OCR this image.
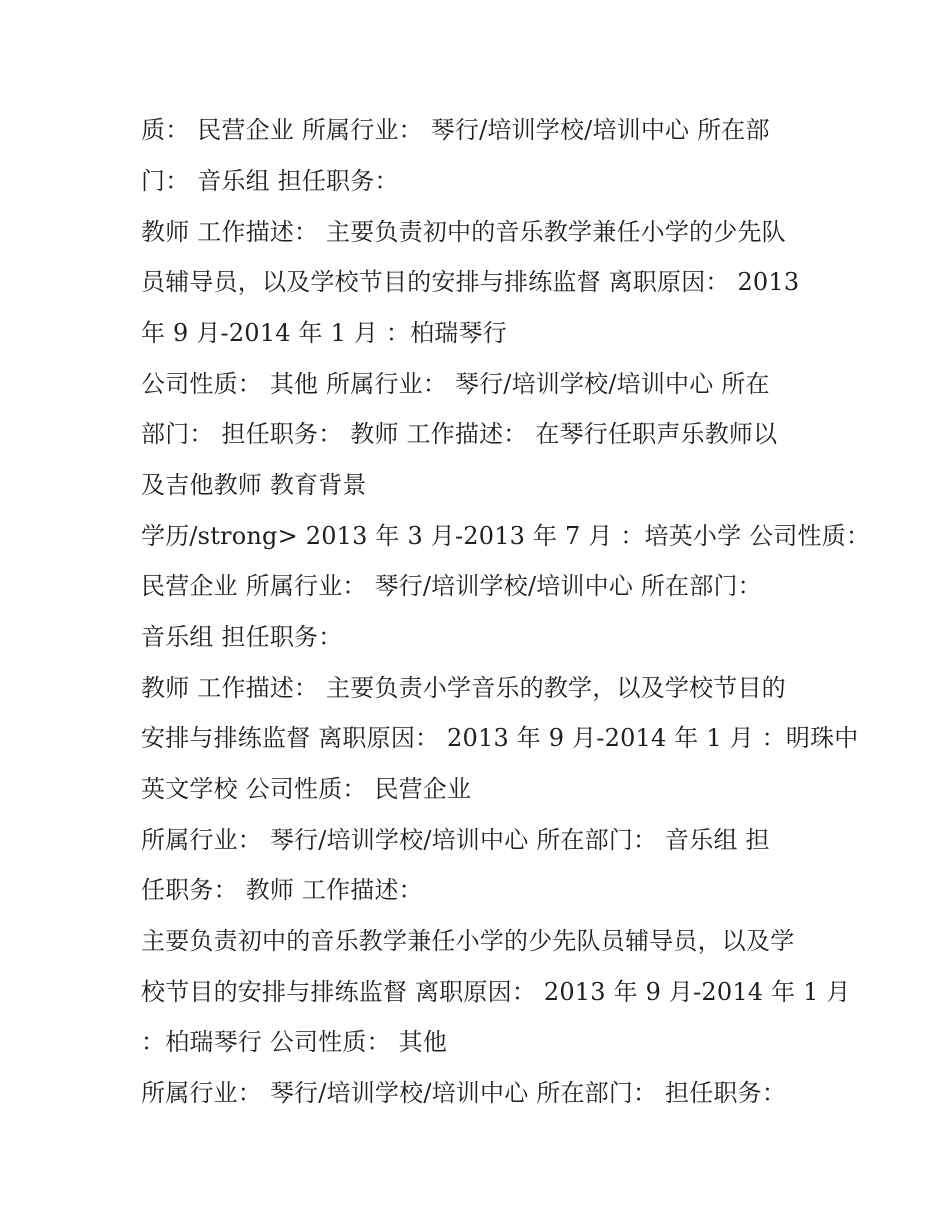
质： 民营企业 所属行业： 琴行/培训学校/培训中心 所在部
门： 音乐组 担任职务：
教师 工作描述： 主要负责初中的音乐教学兼任小学的少先队
员辅导员，以及学校节目的安排与排练监督 离职原因： 2013
年 9 月-2014 年 1 月 ：柏瑞琴行
公司性质： 其他 所属行业： 琴行/培训学校/培训中心 所在
部门： 担任职务： 教师 工作描述： 在琴行任职声乐教师以
及吉他教师 教育背景
学历/strong> 2013 年 3 月-2013 年 7 月 ：培英小学 公司性质：
民营企业 所属行业： 琴行/培训学校/培训中心 所在部门：
音乐组 担任职务：
教师 工作描述： 主要负责小学音乐的教学，以及学校节目的
安排与排练监督 离职原因： 2013 年 9 月-2014 年 1 月 ：明珠中
英文学校 公司性质： 民营企业
所属行业： 琴行/培训学校/培训中心 所在部门： 音乐组 担
任职务： 教师 工作描述：
主要负责初中的音乐教学兼任小学的少先队员辅导员，以及学
校节目的安排与排练监督 离职原因： 2013 年 9 月-2014 年 1 月
：柏瑞琴行 公司性质： 其他
所属行业： 琴行/培训学校/培训中心 所在部门： 担任职务：
